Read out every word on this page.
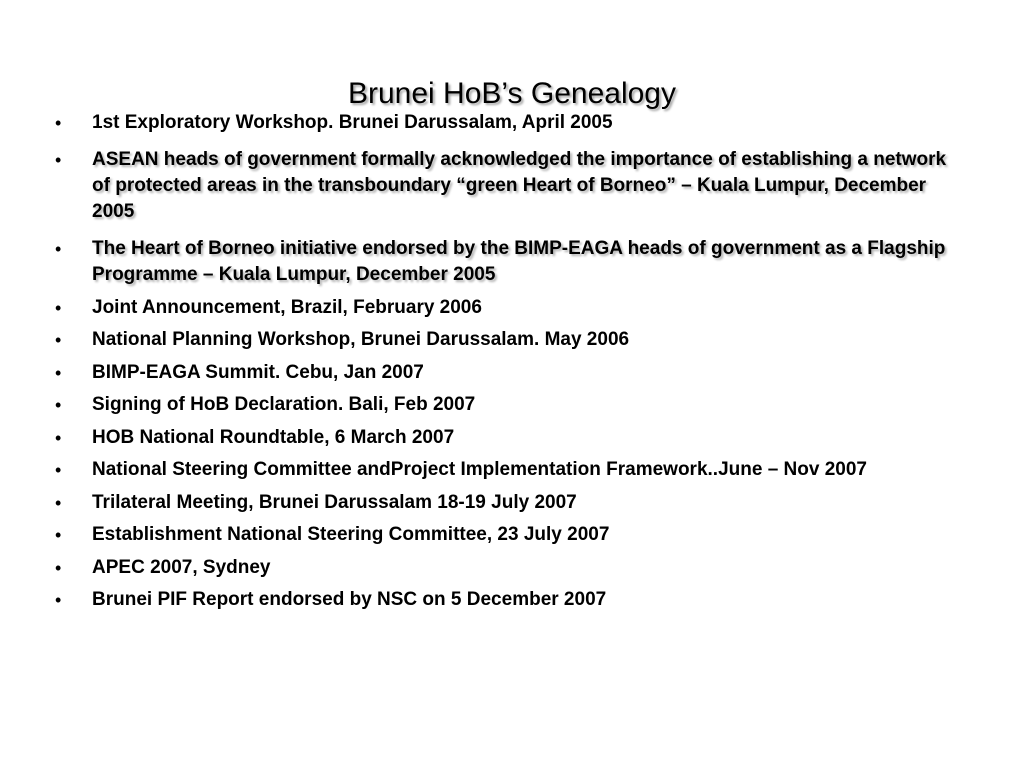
Brunei HoB’s Genealogy
•	1st Exploratory Workshop. Brunei Darussalam, April 2005
•	ASEAN heads of government formally acknowledged the importance of establishing a network of protected areas in the transboundary “green Heart of Borneo” – Kuala Lumpur, December 2005
•	The Heart of Borneo initiative endorsed by the BIMP-EAGA heads of government as a Flagship Programme – Kuala Lumpur, December 2005
•	Joint Announcement, Brazil, February 2006
•	National Planning Workshop, Brunei Darussalam. May 2006
•	BIMP-EAGA Summit. Cebu, Jan 2007
•	Signing of HoB Declaration. Bali, Feb 2007
•	HOB National Roundtable, 6 March 2007
•	National Steering Committee andProject Implementation Framework..June – Nov 2007
•	Trilateral Meeting, Brunei Darussalam 18-19 July 2007
•	Establishment National Steering Committee, 23 July 2007
•	APEC 2007, Sydney
•	Brunei PIF Report endorsed by NSC on 5 December 2007
